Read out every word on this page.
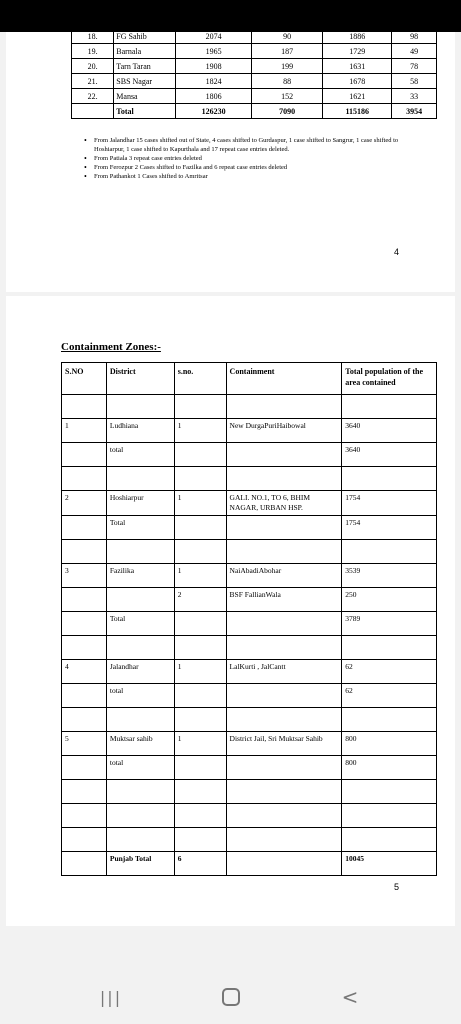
18.	FG Sahib	2074	90	1886	98
19.	Barnala	1965	187	1729	49
20.	Tarn Taran	1908	199	1631	78
21.	SBS Nagar	1824	88	1678	58
22.	Mansa	1806	152	1621	33
	Total	126230	7090	115186	3954
• From Jalandhar 15 cases shifted out of State, 4 cases shifted to Gurdaspur, 1 case shifted to Sangrur, 1 case shifted to Hoshiarpur, 1 case shifted to Kapurthala and 17 repeat case entries deleted.
• From Patiala 3 repeat case entries deleted
• From Ferozpur 2 Cases shifted to Fazilka and 6 repeat case entries deleted
• From Pathankot 1 Cases shifted to Amritsar
4
Containment Zones:-
S.NO	District	s.no.	Containment	Total population of the area contained

1	Ludhiana	1	New DurgaPuriHaibowal	3640
	total			3640

2	Hoshiarpur	1	GALI. NO.1, TO 6, BHIM NAGAR, URBAN HSP.	1754
	Total			1754

3	Fazilika	1	NaiAbadiAbohar	3539
		2	BSF FallianWala	250
	Total			3789

4	Jalandhar	1	LalKurti , JalCantt	62
	total			62

5	Muktsar sahib	1	District Jail, Sri Muktsar Sahib	800
	total			800

	Punjab Total	6		10045
5
|||	<
